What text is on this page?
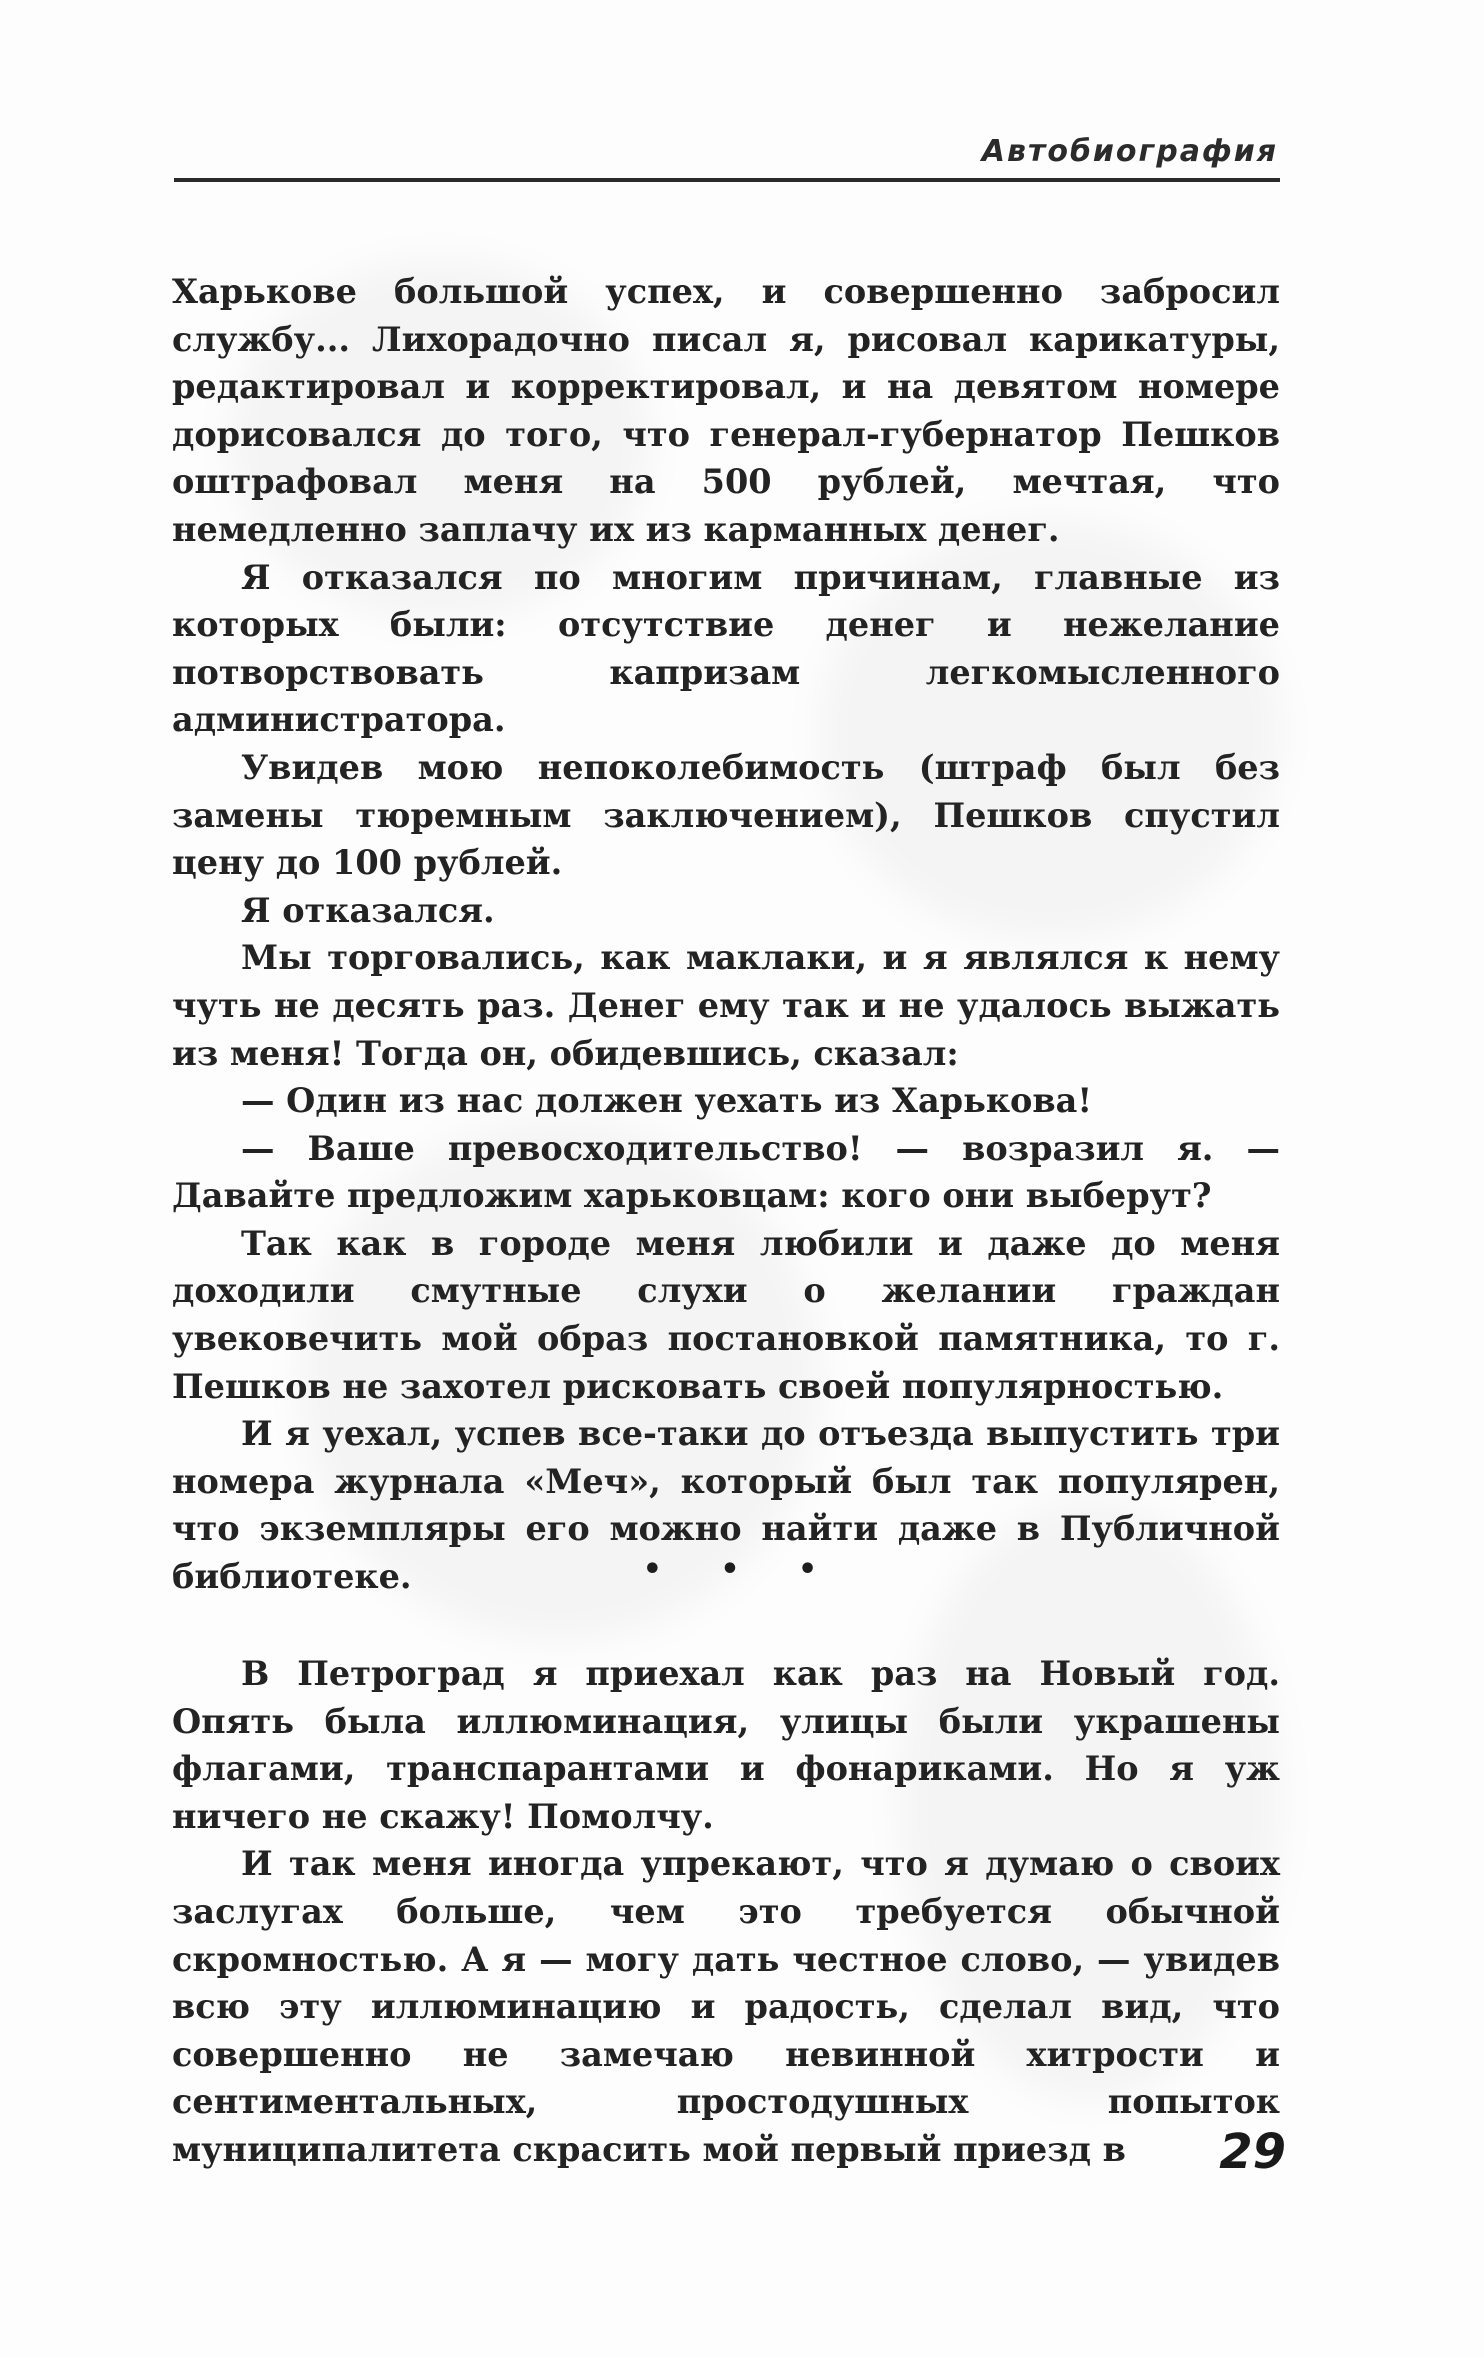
Автобиография

Харькове большой успех, и совершенно забросил службу... Лихорадочно писал я, рисовал карикатуры, редактировал и корректировал, и на девятом номере дорисовался до того, что генерал-губернатор Пешков оштрафовал меня на 500 рублей, мечтая, что немедленно заплачу их из карманных денег.

Я отказался по многим причинам, главные из которых были: отсутствие денег и нежелание потворствовать капризам легкомысленного администратора.

Увидев мою непоколебимость (штраф был без замены тюремным заключением), Пешков спустил цену до 100 рублей.

Я отказался.

Мы торговались, как маклаки, и я являлся к нему чуть не десять раз. Денег ему так и не удалось выжать из меня! Тогда он, обидевшись, сказал:

— Один из нас должен уехать из Харькова!

— Ваше превосходительство! — возразил я. — Давайте предложим харьковцам: кого они выберут?

Так как в городе меня любили и даже до меня доходили смутные слухи о желании граждан увековечить мой образ постановкой памятника, то г. Пешков не захотел рисковать своей популярностью.

И я уехал, успев все-таки до отъезда выпустить три номера журнала «Меч», который был так популярен, что экземпляры его можно найти даже в Публичной библиотеке.	• • •

В Петроград я приехал как раз на Новый год. Опять была иллюминация, улицы были украшены флагами, транспарантами и фонариками. Но я уж ничего не скажу! Помолчу.

И так меня иногда упрекают, что я думаю о своих заслугах больше, чем это требуется обычной скромностью. А я — могу дать честное слово, — увидев всю эту иллюминацию и радость, сделал вид, что совершенно не замечаю невинной хитрости и сентиментальных, простодушных попыток муниципалитета скрасить мой первый приезд в	29
